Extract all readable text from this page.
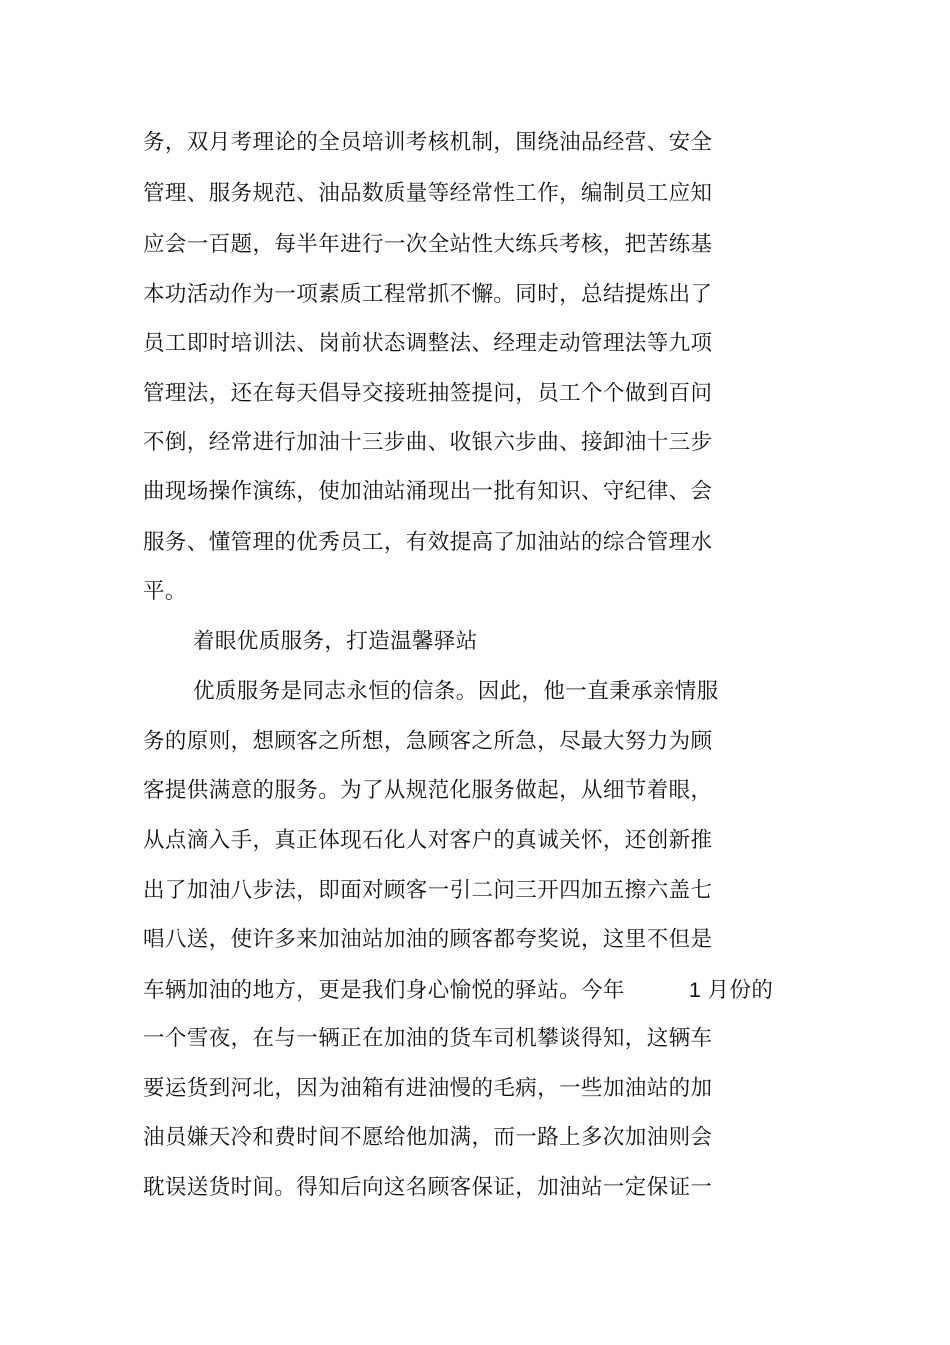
务，双月考理论的全员培训考核机制，围绕油品经营、安全
管理、服务规范、油品数质量等经常性工作，编制员工应知
应会一百题，每半年进行一次全站性大练兵考核，把苦练基
本功活动作为一项素质工程常抓不懈。同时，总结提炼出了
员工即时培训法、岗前状态调整法、经理走动管理法等九项
管理法，还在每天倡导交接班抽签提问，员工个个做到百问
不倒，经常进行加油十三步曲、收银六步曲、接卸油十三步
曲现场操作演练，使加油站涌现出一批有知识、守纪律、会
服务、懂管理的优秀员工，有效提高了加油站的综合管理水
平。
着眼优质服务，打造温馨驿站
优质服务是同志永恒的信条。因此，他一直秉承亲情服
务的原则，想顾客之所想，急顾客之所急，尽最大努力为顾
客提供满意的服务。为了从规范化服务做起，从细节着眼，
从点滴入手，真正体现石化人对客户的真诚关怀，还创新推
出了加油八步法，即面对顾客一引二问三开四加五擦六盖七
唱八送，使许多来加油站加油的顾客都夸奖说，这里不但是
车辆加油的地方，更是我们身心愉悦的驿站。今年	1 月份的
一个雪夜，在与一辆正在加油的货车司机攀谈得知，这辆车
要运货到河北，因为油箱有进油慢的毛病，一些加油站的加
油员嫌天冷和费时间不愿给他加满，而一路上多次加油则会
耽误送货时间。得知后向这名顾客保证，加油站一定保证一
